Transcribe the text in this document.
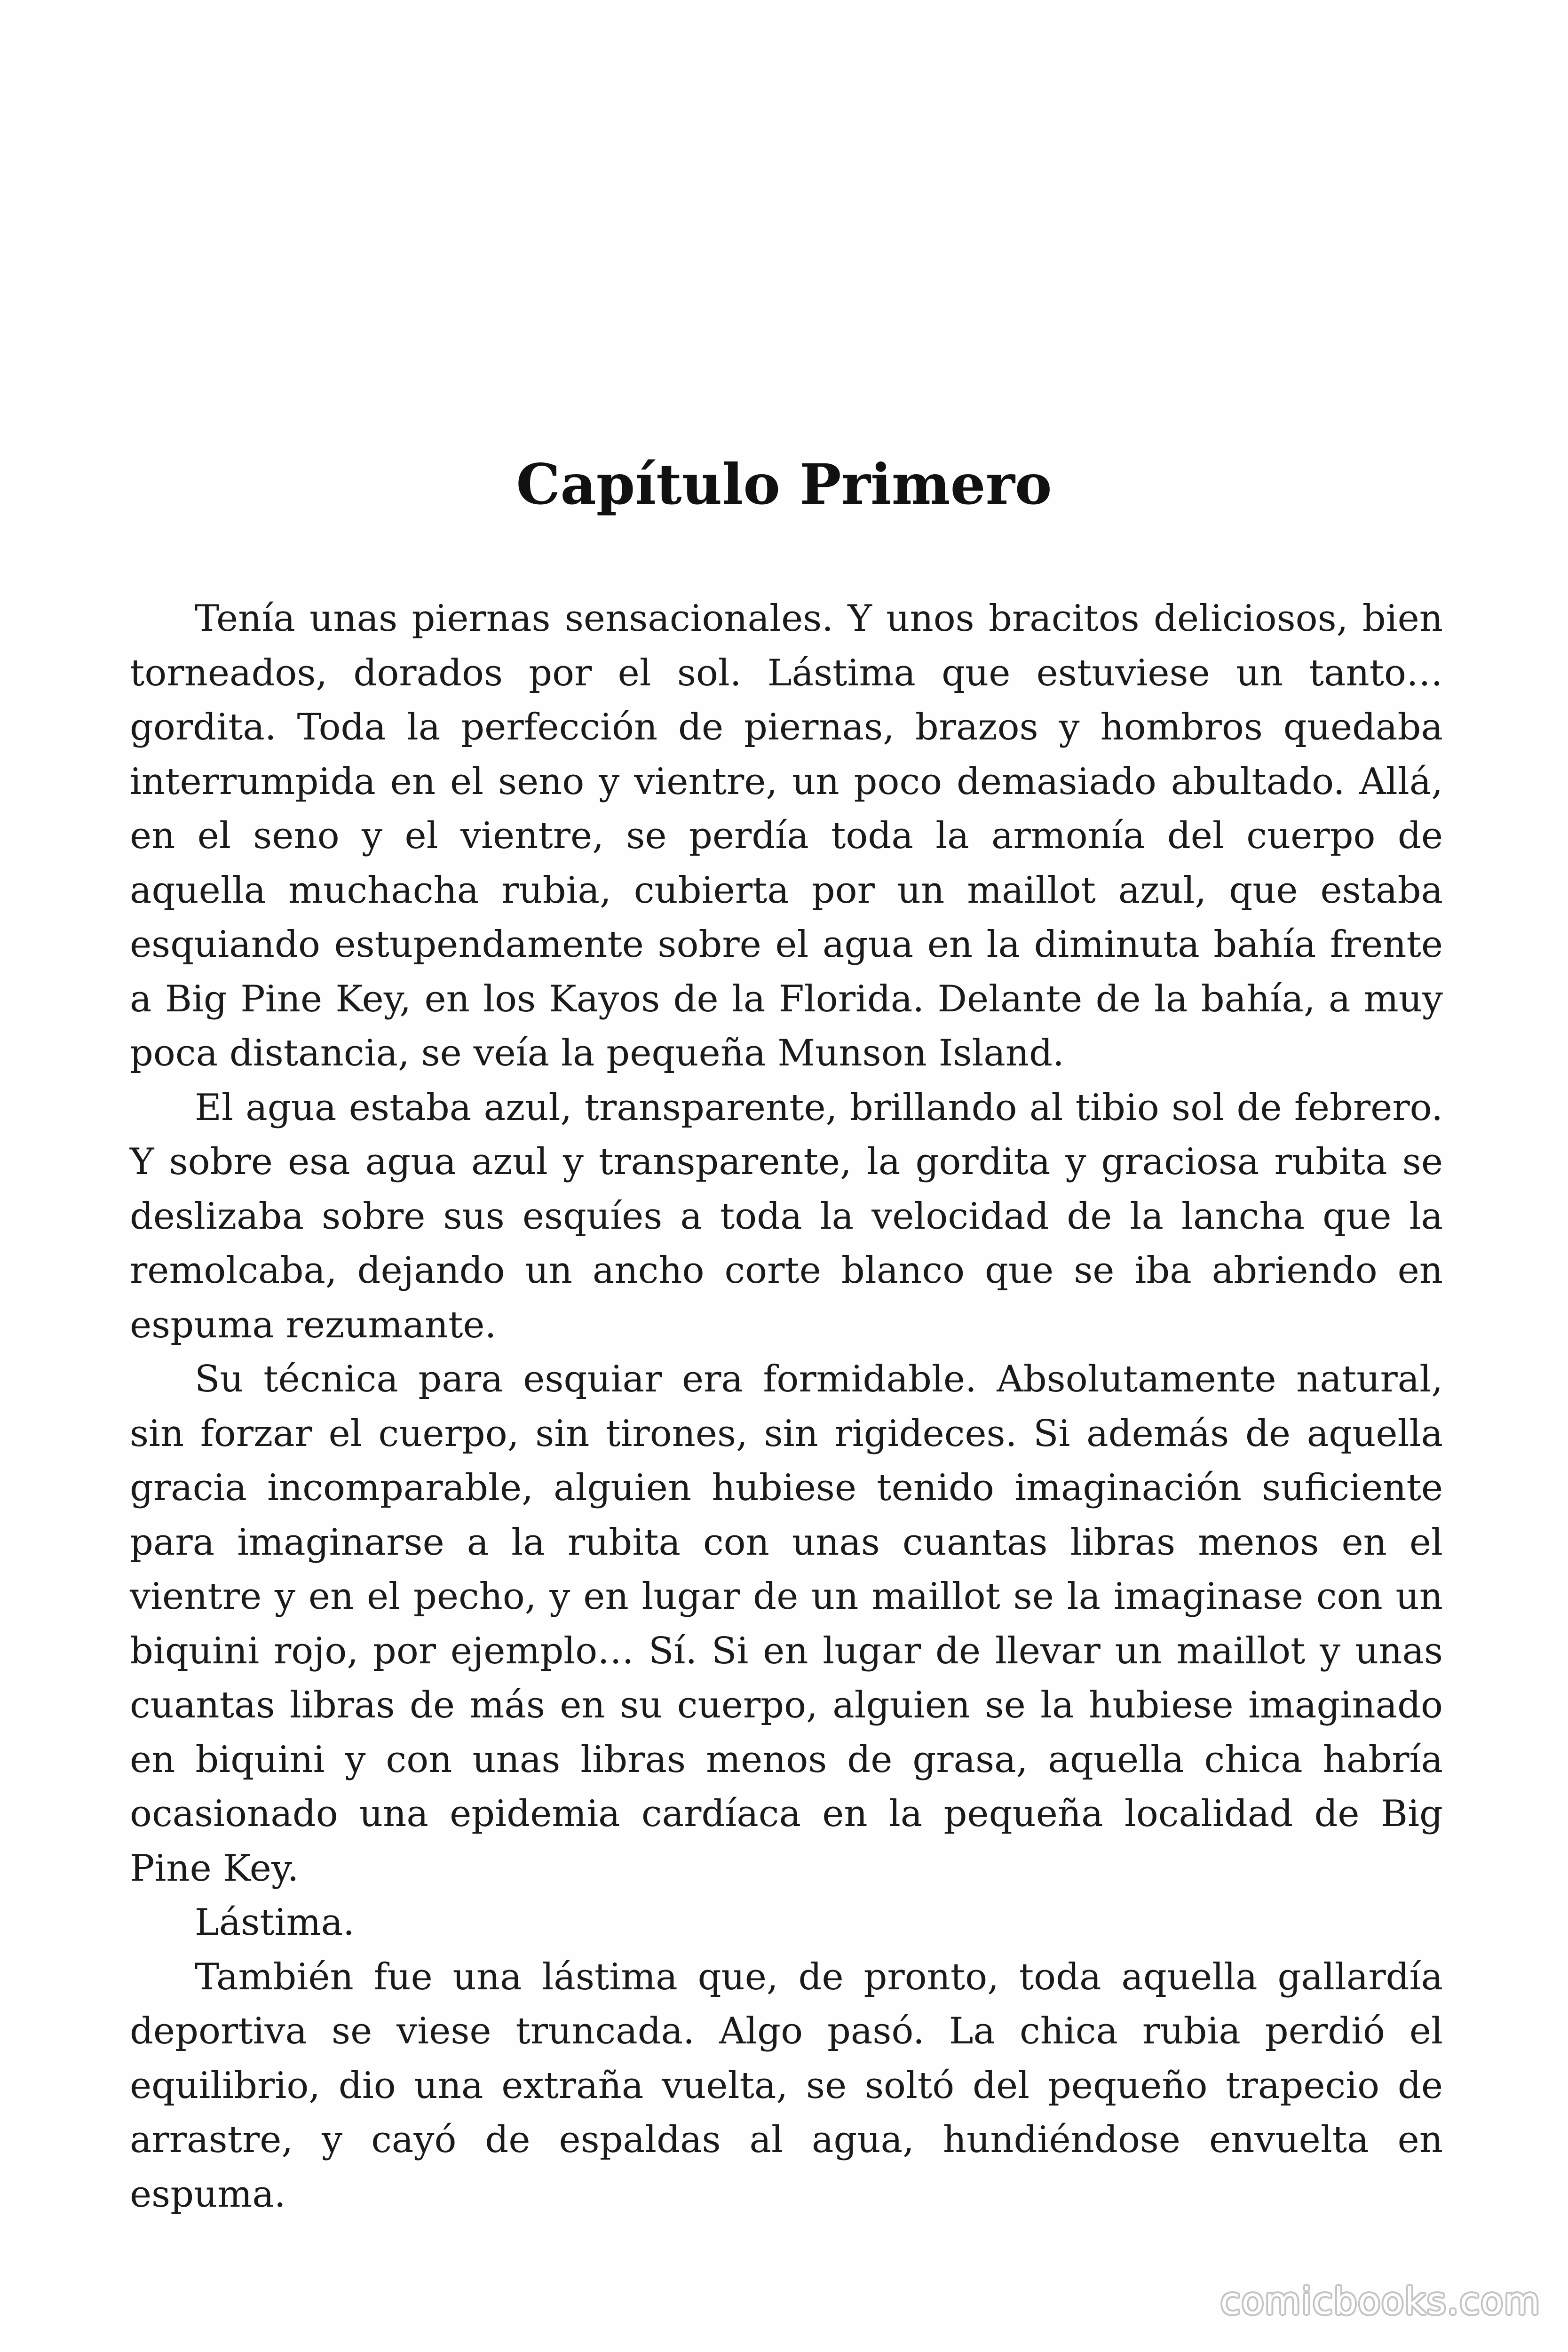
Capítulo Primero

Tenía unas piernas sensacionales. Y unos bracitos deliciosos, bien torneados, dorados por el sol. Lástima que estuviese un tanto… gordita. Toda la perfección de piernas, brazos y hombros quedaba interrumpida en el seno y vientre, un poco demasiado abultado. Allá, en el seno y el vientre, se perdía toda la armonía del cuerpo de aquella muchacha rubia, cubierta por un maillot azul, que estaba esquiando estupendamente sobre el agua en la diminuta bahía frente a Big Pine Key, en los Kayos de la Florida. Delante de la bahía, a muy poca distancia, se veía la pequeña Munson Island.

El agua estaba azul, transparente, brillando al tibio sol de febrero. Y sobre esa agua azul y transparente, la gordita y graciosa rubita se deslizaba sobre sus esquíes a toda la velocidad de la lancha que la remolcaba, dejando un ancho corte blanco que se iba abriendo en espuma rezumante.

Su técnica para esquiar era formidable. Absolutamente natural, sin forzar el cuerpo, sin tirones, sin rigideces. Si además de aquella gracia incomparable, alguien hubiese tenido imaginación suficiente para imaginarse a la rubita con unas cuantas libras menos en el vientre y en el pecho, y en lugar de un maillot se la imaginase con un biquini rojo, por ejemplo… Sí. Si en lugar de llevar un maillot y unas cuantas libras de más en su cuerpo, alguien se la hubiese imaginado en biquini y con unas libras menos de grasa, aquella chica habría ocasionado una epidemia cardíaca en la pequeña localidad de Big Pine Key.

Lástima.

También fue una lástima que, de pronto, toda aquella gallardía deportiva se viese truncada. Algo pasó. La chica rubia perdió el equilibrio, dio una extraña vuelta, se soltó del pequeño trapecio de arrastre, y cayó de espaldas al agua, hundiéndose envuelta en espuma.

comicbooks.com
